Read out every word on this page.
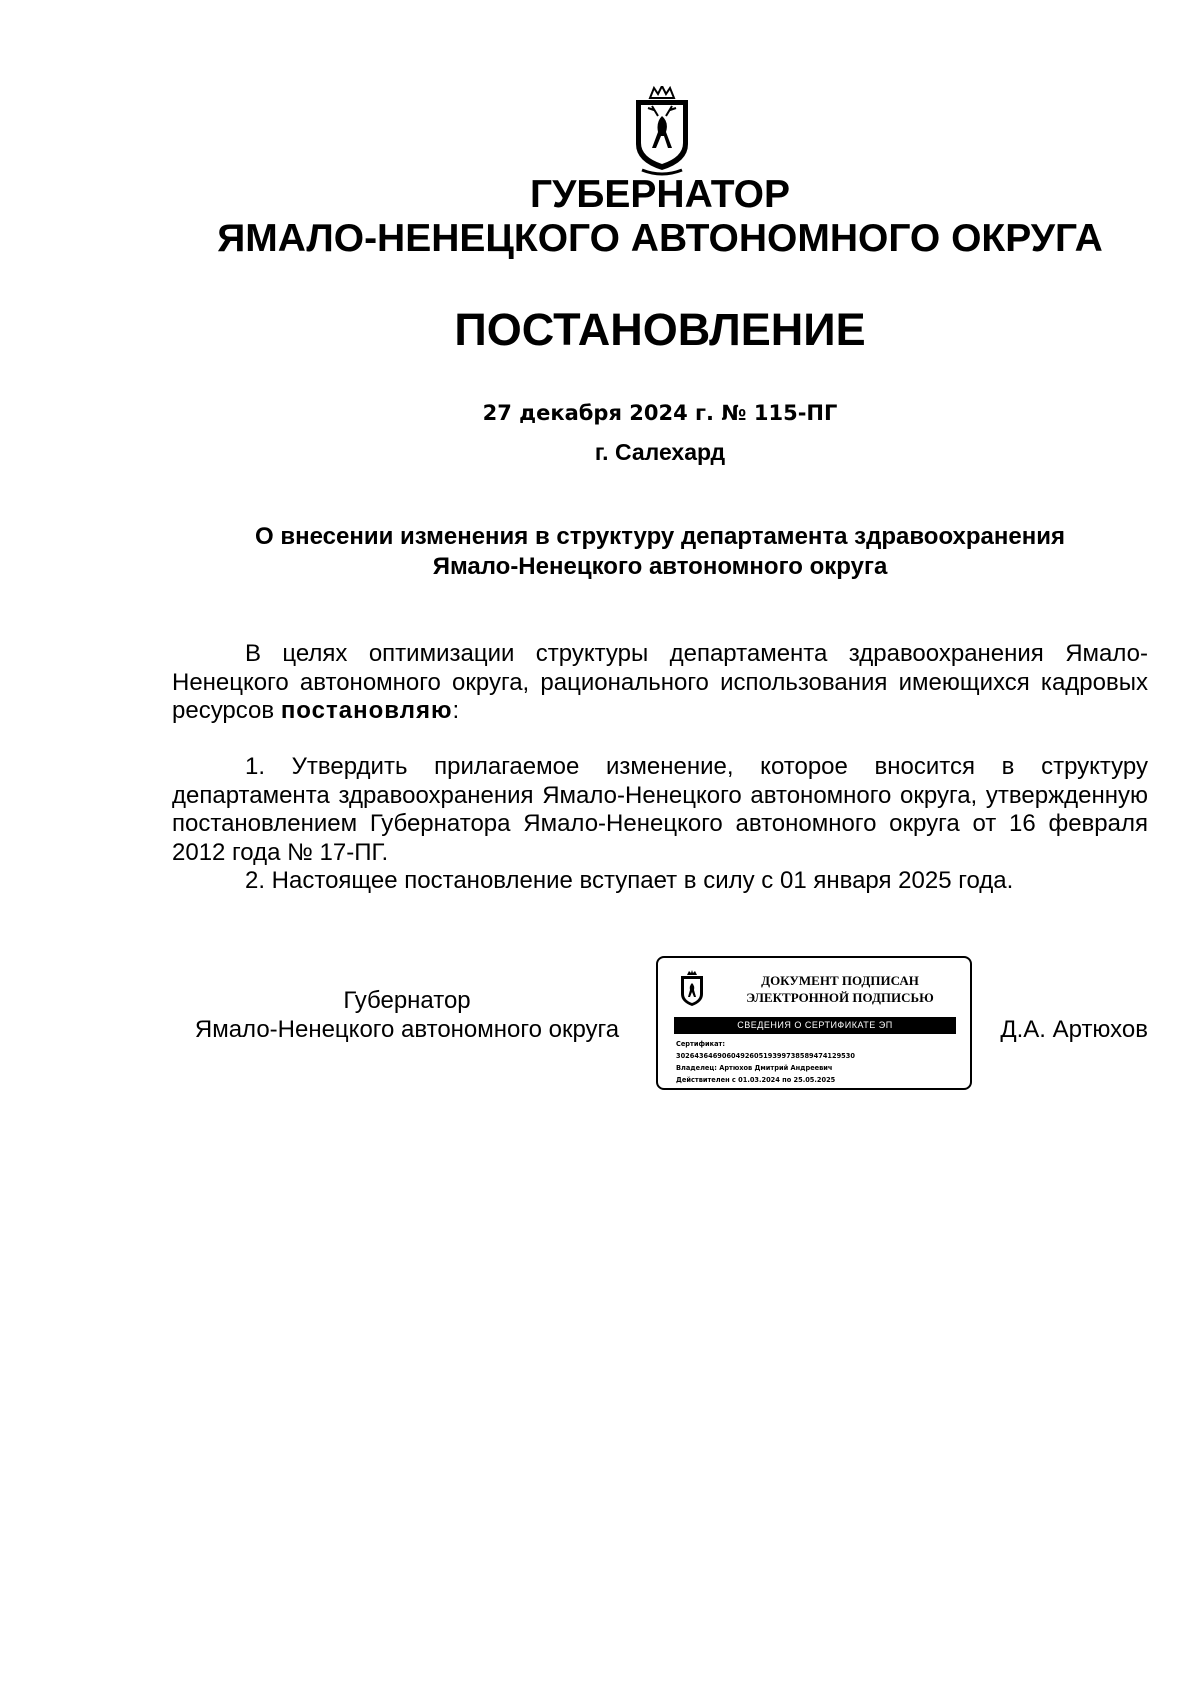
ГУБЕРНАТОР
ЯМАЛО-НЕНЕЦКОГО АВТОНОМНОГО ОКРУГА
ПОСТАНОВЛЕНИЕ
27 декабря 2024 г. № 115-ПГ
г. Салехард
О внесении изменения в структуру департамента здравоохранения
Ямало-Ненецкого автономного округа

В целях оптимизации структуры департамента здравоохранения Ямало-Ненецкого автономного округа, рационального использования имеющихся кадровых ресурсов постановляю:

1. Утвердить прилагаемое изменение, которое вносится в структуру департамента здравоохранения Ямало-Ненецкого автономного округа, утвержденную постановлением Губернатора Ямало-Ненецкого автономного округа от 16 февраля 2012 года № 17-ПГ.

2. Настоящее постановление вступает в силу с 01 января 2025 года.

Губернатор
Ямало-Ненецкого автономного округа
ДОКУМЕНТ ПОДПИСАН
ЭЛЕКТРОННОЙ ПОДПИСЬЮ
СВЕДЕНИЯ О СЕРТИФИКАТЕ ЭП
Сертификат:
302643646906049260519399738589474129530
Владелец: Артюхов Дмитрий Андреевич
Действителен с 01.03.2024 по 25.05.2025
Д.А. Артюхов
